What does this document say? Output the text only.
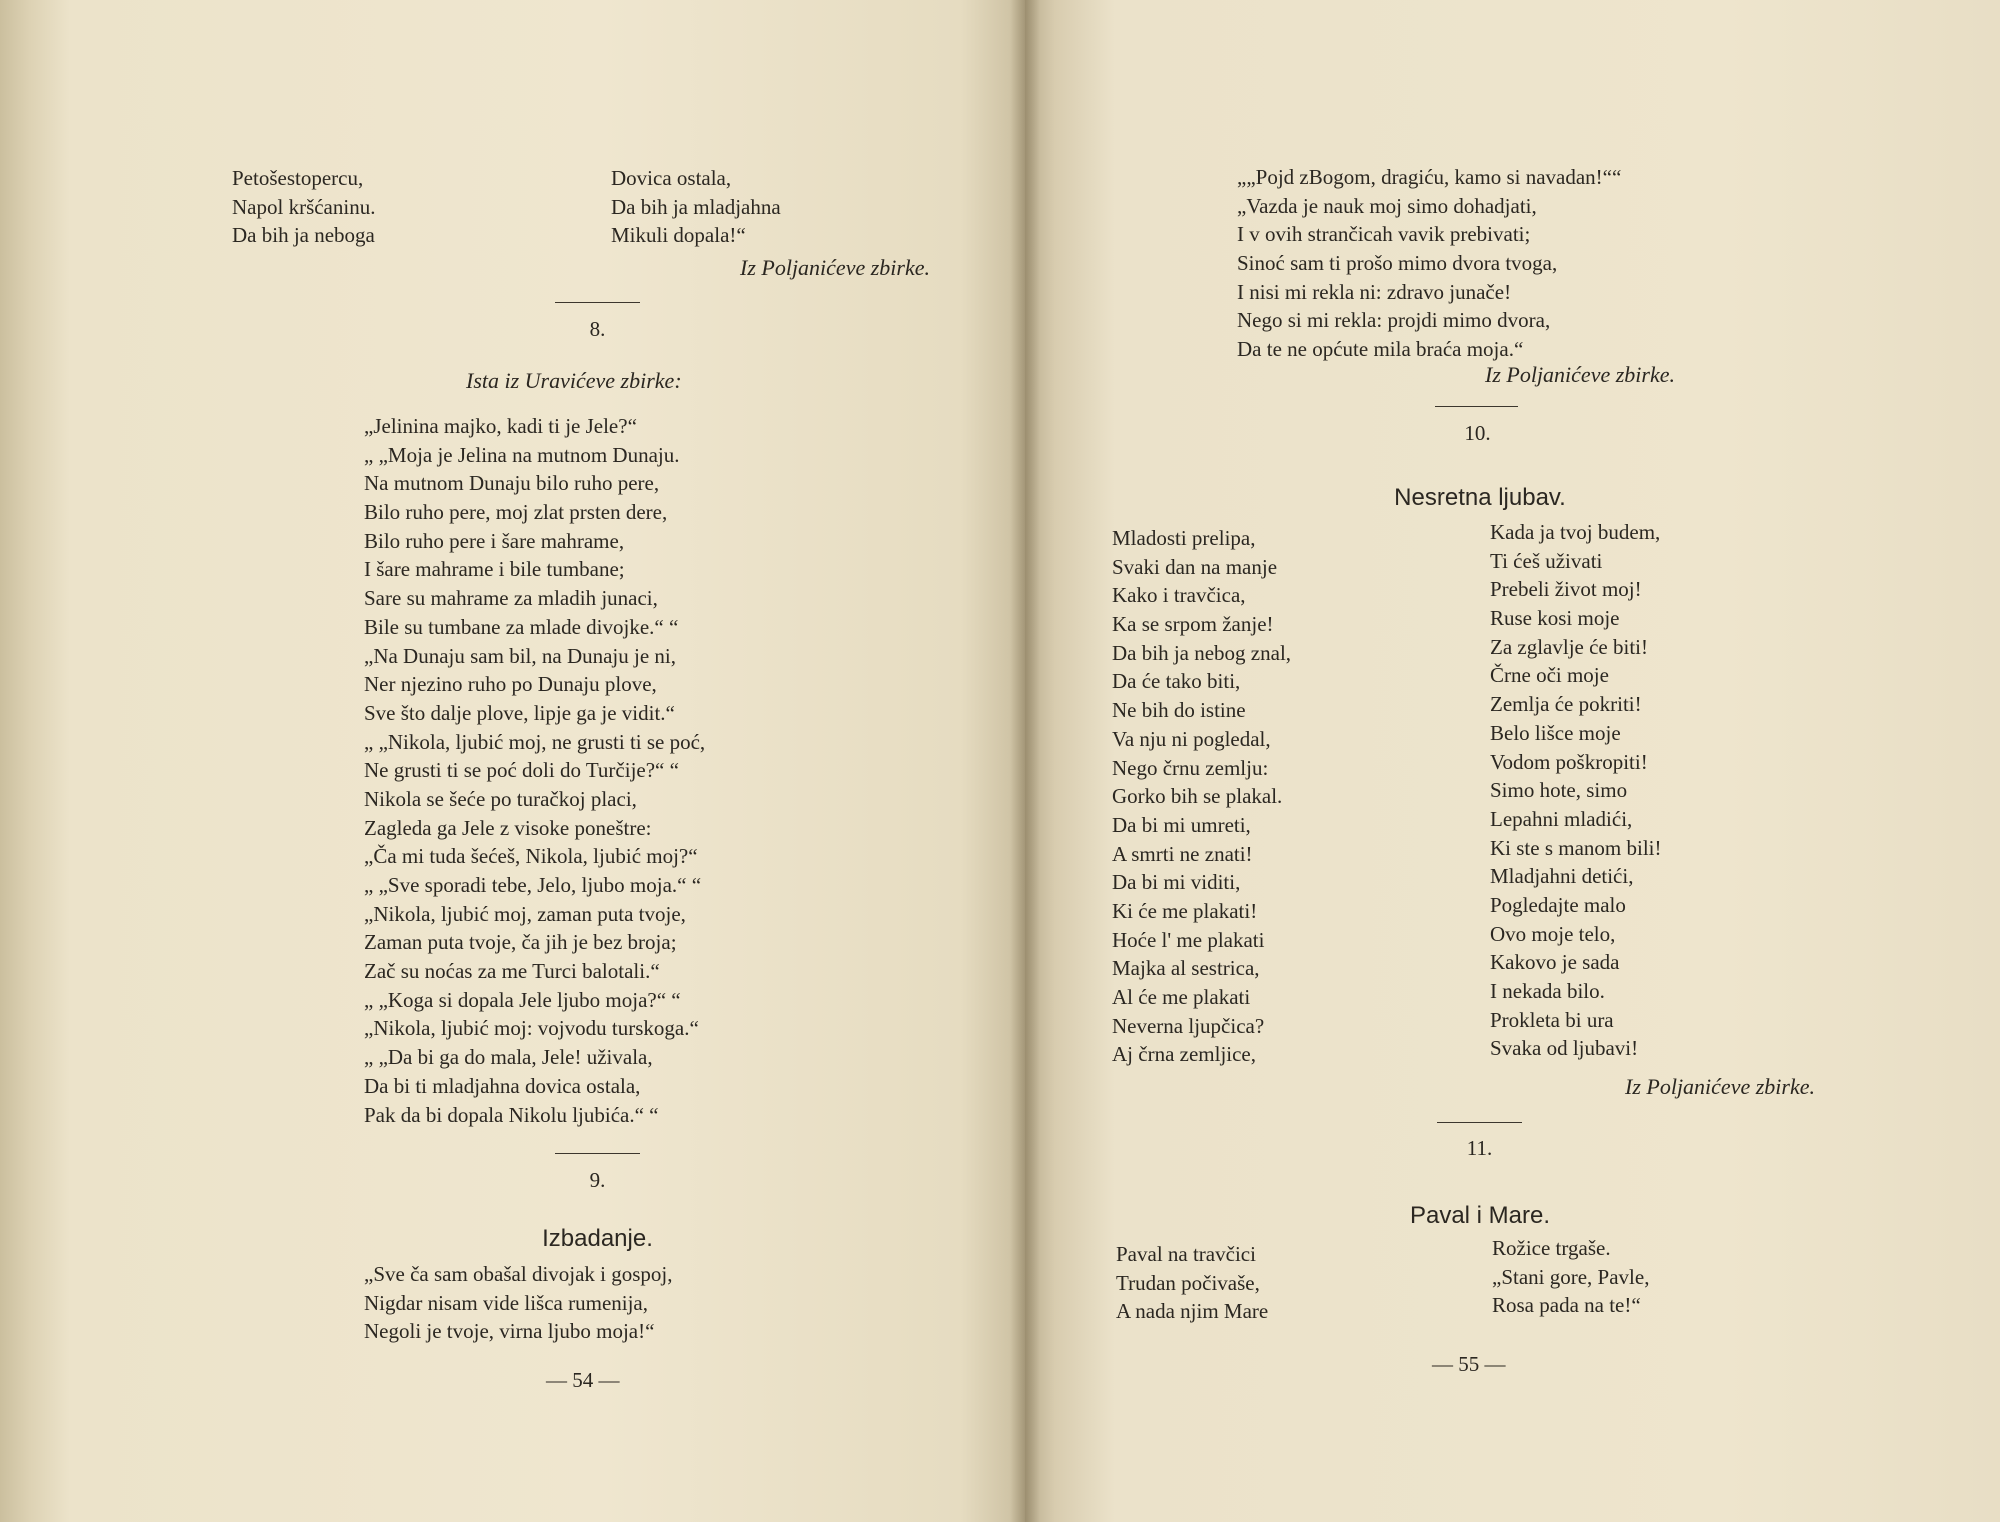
Petošestopercu,
Napol kršćaninu.
Da bih ja neboga
Dovica ostala,
Da bih ja mladjahna
Mikuli dopala!“
Iz Poljanićeve zbirke.
8.
Ista iz Uravićeve zbirke:
„Jelinina majko, kadi ti je Jele?“
„ „Moja je Jelina na mutnom Dunaju.
Na mutnom Dunaju bilo ruho pere,
Bilo ruho pere, moj zlat prsten dere,
Bilo ruho pere i šare mahrame,
I šare mahrame i bile tumbane;
Sare su mahrame za mladih junaci,
Bile su tumbane za mlade divojke.“ “
„Na Dunaju sam bil, na Dunaju je ni,
Ner njezino ruho po Dunaju plove,
Sve što dalje plove, lipje ga je vidit.“
„ „Nikola, ljubić moj, ne grusti ti se poć,
Ne grusti ti se poć doli do Turčije?“ “
Nikola se šeće po turačkoj placi,
Zagleda ga Jele z visoke poneštre:
„Ča mi tuda šećeš, Nikola, ljubić moj?“
„ „Sve sporadi tebe, Jelo, ljubo moja.“ “
„Nikola, ljubić moj, zaman puta tvoje,
Zaman puta tvoje, ča jih je bez broja;
Zač su noćas za me Turci balotali.“
„ „Koga si dopala Jele ljubo moja?“ “
„Nikola, ljubić moj: vojvodu turskoga.“
„ „Da bi ga do mala, Jele! uživala,
Da bi ti mladjahna dovica ostala,
Pak da bi dopala Nikolu ljubića.“ “
9.
Izbadanje.
„Sve ča sam obašal divojak i gospoj,
Nigdar nisam vide lišca rumenija,
Negoli je tvoje, virna ljubo moja!“
— 54 —
„„Pojd zBogom, dragiću, kamo si navadan!““
„Vazda je nauk moj simo dohadjati,
I v ovih strančicah vavik prebivati;
Sinoć sam ti prošo mimo dvora tvoga,
I nisi mi rekla ni: zdravo junače!
Nego si mi rekla: projdi mimo dvora,
Da te ne općute mila braća moja.“
Iz Poljanićeve zbirke.
10.
Nesretna ljubav.
Mladosti prelipa,
Svaki dan na manje
Kako i travčica,
Ka se srpom žanje!
Da bih ja nebog znal,
Da će tako biti,
Ne bih do istine
Va nju ni pogledal,
Nego črnu zemlju:
Gorko bih se plakal.
Da bi mi umreti,
A smrti ne znati!
Da bi mi viditi,
Ki će me plakati!
Hoće l' me plakati
Majka al sestrica,
Al će me plakati
Neverna ljupčica?
Aj črna zemljice,
Kada ja tvoj budem,
Ti ćeš uživati
Prebeli život moj!
Ruse kosi moje
Za zglavlje će biti!
Črne oči moje
Zemlja će pokriti!
Belo lišce moje
Vodom poškropiti!
Simo hote, simo
Lepahni mladići,
Ki ste s manom bili!
Mladjahni detići,
Pogledajte malo
Ovo moje telo,
Kakovo je sada
I nekada bilo.
Prokleta bi ura
Svaka od ljubavi!
Iz Poljanićeve zbirke.
11.
Paval i Mare.
Paval na travčici
Trudan počivaše,
A nada njim Mare
Rožice trgaše.
„Stani gore, Pavle,
Rosa pada na te!“
— 55 —
